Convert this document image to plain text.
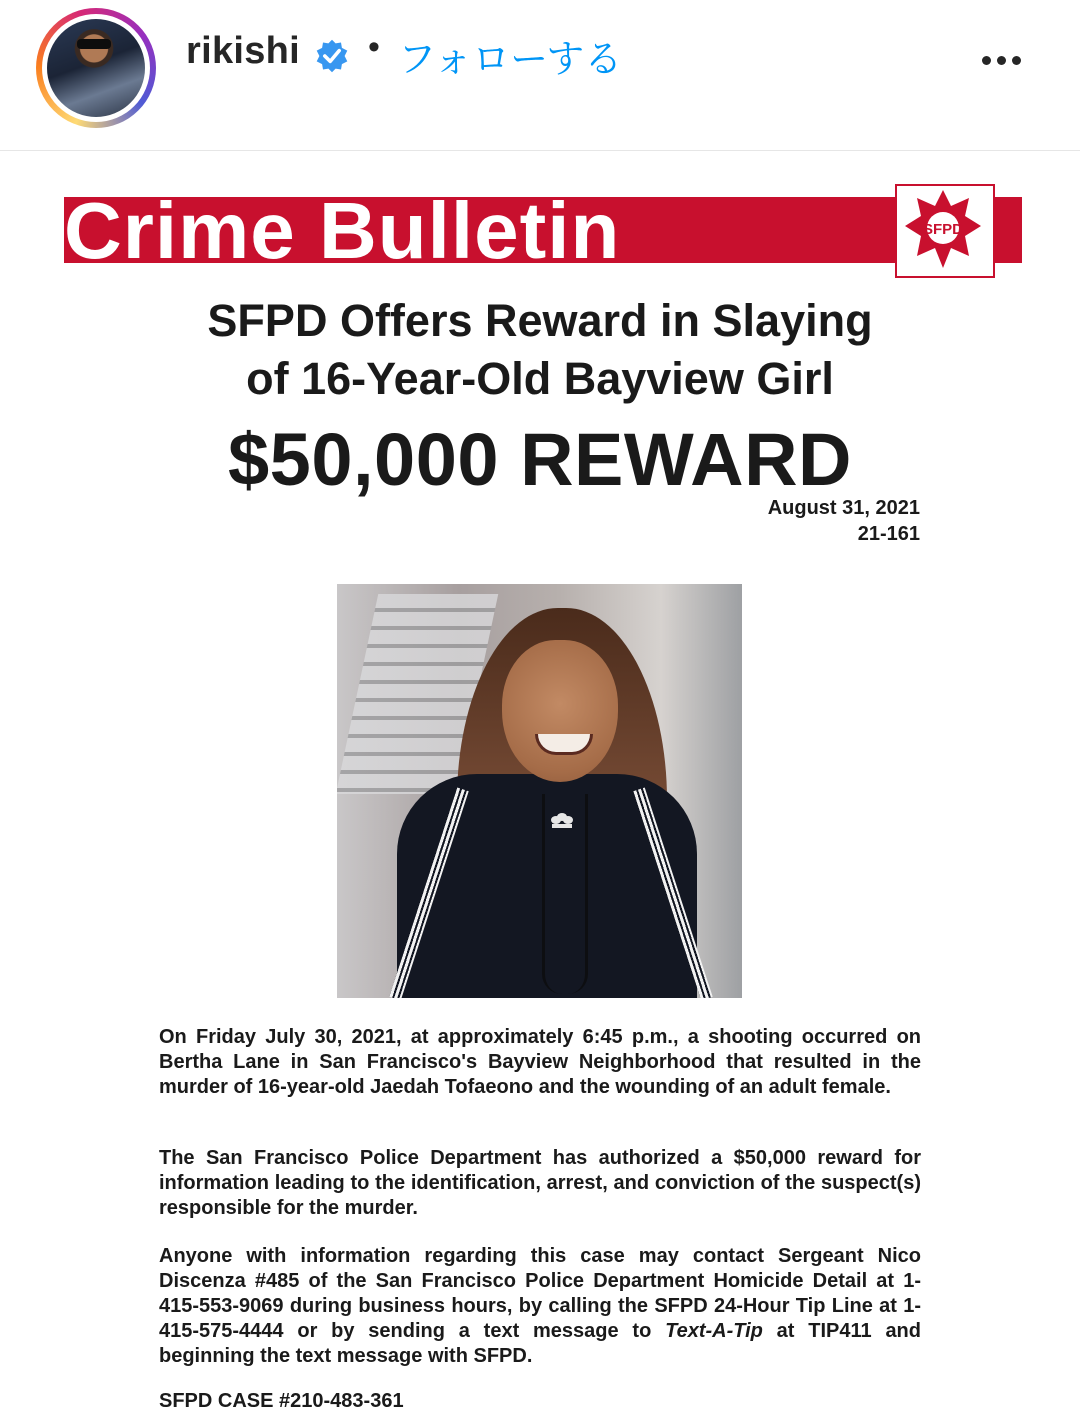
rikishi • フォローする
Crime Bulletin	SFPD
SFPD Offers Reward in Slaying
of 16-Year-Old Bayview Girl
$50,000 REWARD
August 31, 2021
21-161

On Friday July 30, 2021, at approximately 6:45 p.m., a shooting occurred on Bertha Lane in San Francisco's Bayview Neighborhood that resulted in the murder of 16-year-old Jaedah Tofaeono and the wounding of an adult female.

The San Francisco Police Department has authorized a $50,000 reward for information leading to the identification, arrest, and conviction of the suspect(s) responsible for the murder.

Anyone with information regarding this case may contact Sergeant Nico Discenza #485 of the San Francisco Police Department Homicide Detail at 1-415-553-9069 during business hours, by calling the SFPD 24-Hour Tip Line at 1-415-575-4444 or by sending a text message to Text-A-Tip at TIP411 and beginning the text message with SFPD.

SFPD CASE #210-483-361
